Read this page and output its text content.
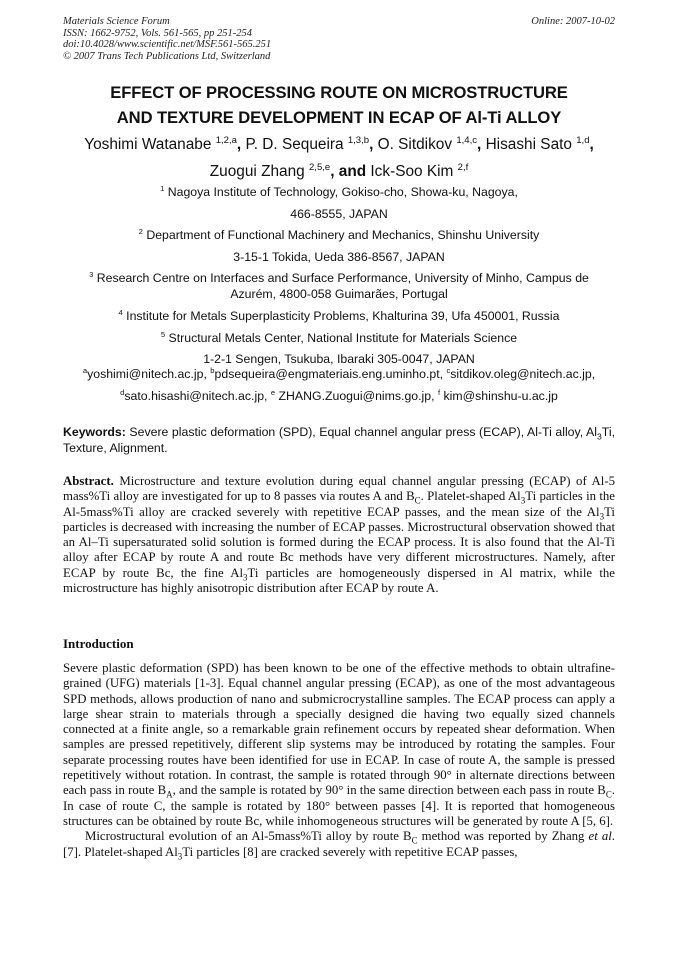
Materials Science Forum
ISSN: 1662-9752, Vols. 561-565, pp 251-254
doi:10.4028/www.scientific.net/MSF.561-565.251
© 2007 Trans Tech Publications Ltd, Switzerland
Online: 2007-10-02
EFFECT OF PROCESSING ROUTE ON MICROSTRUCTURE
AND TEXTURE DEVELOPMENT IN ECAP OF Al-Ti ALLOY
Yoshimi Watanabe $^{1,2,a}$, P. D. Sequeira $^{1,3,b}$, O. Sitdikov $^{1,4,c}$, Hisashi Sato $^{1,d}$,
Zuogui Zhang $^{2,5,e}$, and Ick-Soo Kim $^{2,f}$
$^1$ Nagoya Institute of Technology, Gokiso-cho, Showa-ku, Nagoya,
466-8555, JAPAN
$^2$ Department of Functional Machinery and Mechanics, Shinshu University
3-15-1 Tokida, Ueda 386-8567, JAPAN
$^3$ Research Centre on Interfaces and Surface Performance, University of Minho, Campus de
Azurém, 4800-058 Guimarães, Portugal
$^4$ Institute for Metals Superplasticity Problems, Khalturina 39, Ufa 450001, Russia
$^5$ Structural Metals Center, National Institute for Materials Science
1-2-1 Sengen, Tsukuba, Ibaraki 305-0047, JAPAN
$^a$yoshimi@nitech.ac.jp, $^b$pdsequeira@engmateriais.eng.uminho.pt, $^c$sitdikov.oleg@nitech.ac.jp,
$^d$sato.hisashi@nitech.ac.jp, $^e$ ZHANG.Zuogui@nims.go.jp, $^f$ kim@shinshu-u.ac.jp
Keywords: Severe plastic deformation (SPD), Equal channel angular press (ECAP), Al-Ti alloy, $Al_3Ti$, Texture, Alignment.
Abstract. Microstructure and texture evolution during equal channel angular pressing (ECAP) of Al-5 mass%Ti alloy are investigated for up to 8 passes via routes A and $B_C$. Platelet-shaped $Al_3Ti$ particles in the Al-5mass%Ti alloy are cracked severely with repetitive ECAP passes, and the mean size of the $Al_3Ti$ particles is decreased with increasing the number of ECAP passes. Microstructural observation showed that an Al–Ti supersaturated solid solution is formed during the ECAP process. It is also found that the Al-Ti alloy after ECAP by route A and route Bc methods have very different microstructures. Namely, after ECAP by route Bc, the fine $Al_3Ti$ particles are homogeneously dispersed in Al matrix, while the microstructure has highly anisotropic distribution after ECAP by route A.
Introduction

Severe plastic deformation (SPD) has been known to be one of the effective methods to obtain ultrafine-grained (UFG) materials [1-3]. Equal channel angular pressing (ECAP), as one of the most advantageous SPD methods, allows production of nano and submicrocrystalline samples. The ECAP process can apply a large shear strain to materials through a specially designed die having two equally sized channels connected at a finite angle, so a remarkable grain refinement occurs by repeated shear deformation. When samples are pressed repetitively, different slip systems may be introduced by rotating the samples. Four separate processing routes have been identified for use in ECAP. In case of route A, the sample is pressed repetitively without rotation. In contrast, the sample is rotated through 90° in alternate directions between each pass in route $B_A$, and the sample is rotated by 90° in the same direction between each pass in route $B_C$. In case of route C, the sample is rotated by 180° between passes [4]. It is reported that homogeneous structures can be obtained by route Bc, while inhomogeneous structures will be generated by route A [5, 6].

Microstructural evolution of an Al-5mass%Ti alloy by route $B_C$ method was reported by Zhang et al. [7]. Platelet-shaped $Al_3Ti$ particles [8] are cracked severely with repetitive ECAP passes,
